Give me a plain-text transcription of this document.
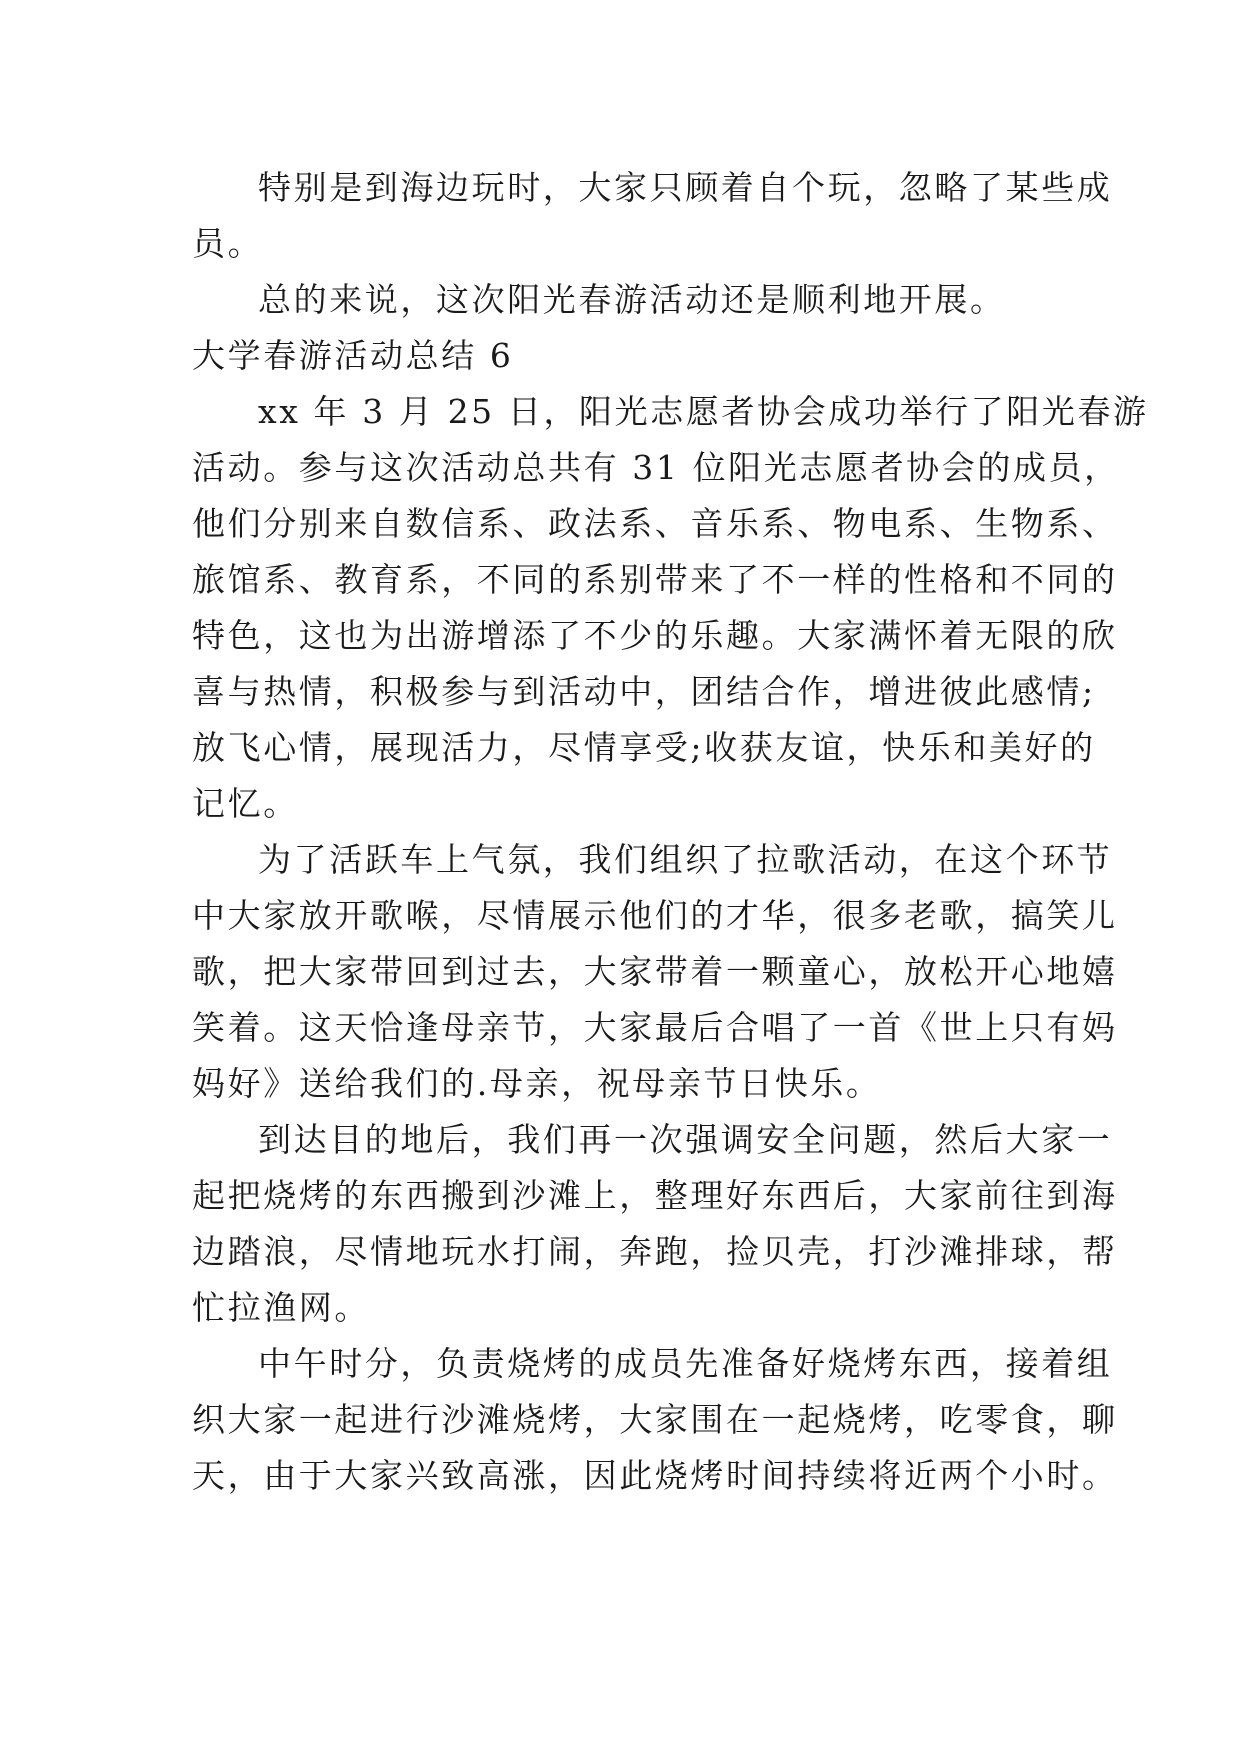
特别是到海边玩时，大家只顾着自个玩，忽略了某些成
员。
总的来说，这次阳光春游活动还是顺利地开展。
大学春游活动总结 6
xx 年 3 月 25 日，阳光志愿者协会成功举行了阳光春游
活动。参与这次活动总共有 31 位阳光志愿者协会的成员，
他们分别来自数信系、政法系、音乐系、物电系、生物系、
旅馆系、教育系，不同的系别带来了不一样的性格和不同的
特色，这也为出游增添了不少的乐趣。大家满怀着无限的欣
喜与热情，积极参与到活动中，团结合作，增进彼此感情;
放飞心情，展现活力，尽情享受;收获友谊，快乐和美好的
记忆。
为了活跃车上气氛，我们组织了拉歌活动，在这个环节
中大家放开歌喉，尽情展示他们的才华，很多老歌，搞笑儿
歌，把大家带回到过去，大家带着一颗童心，放松开心地嬉
笑着。这天恰逢母亲节，大家最后合唱了一首《世上只有妈
妈好》送给我们的.母亲，祝母亲节日快乐。
到达目的地后，我们再一次强调安全问题，然后大家一
起把烧烤的东西搬到沙滩上，整理好东西后，大家前往到海
边踏浪，尽情地玩水打闹，奔跑，捡贝壳，打沙滩排球，帮
忙拉渔网。
中午时分，负责烧烤的成员先准备好烧烤东西，接着组
织大家一起进行沙滩烧烤，大家围在一起烧烤，吃零食，聊
天，由于大家兴致高涨，因此烧烤时间持续将近两个小时。
